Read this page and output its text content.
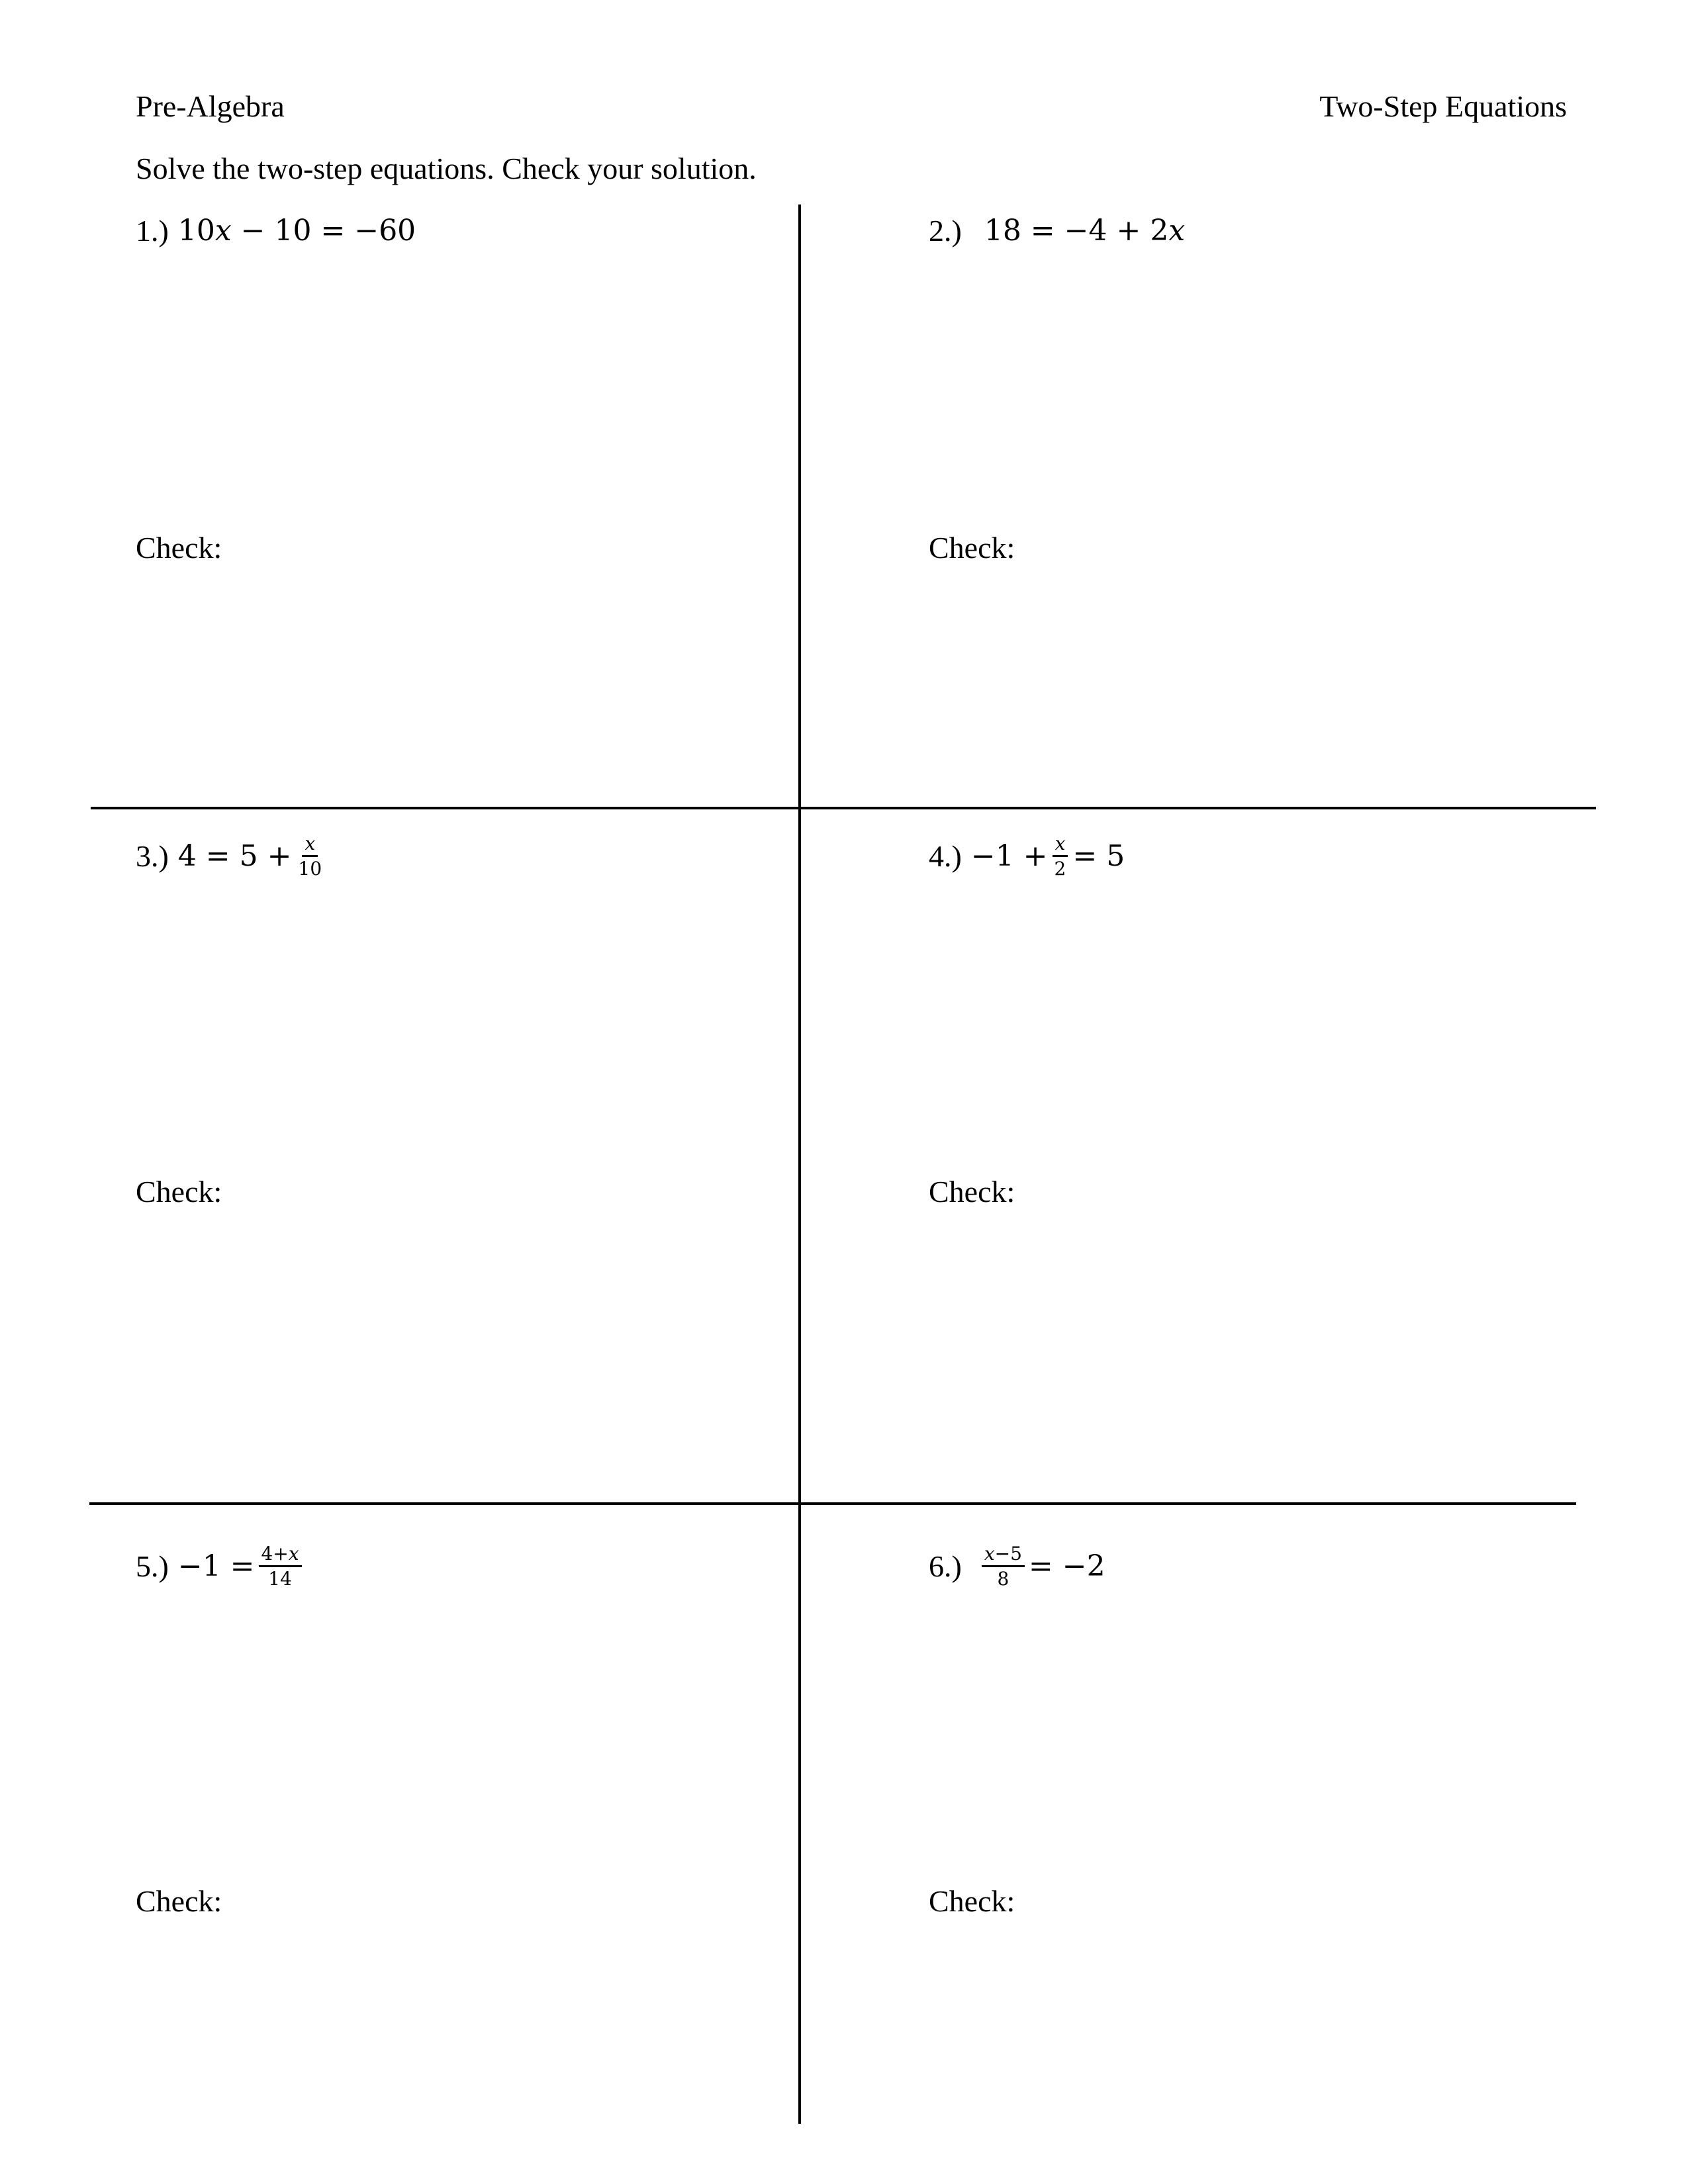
Pre-Algebra	Two-Step Equations
Solve the two-step equations. Check your solution.
1.) 10 x − 10 = −60
Check:
2.) 18 = −4 + 2 x
Check:
3.) $4 = 5 + \frac{x}{10}$
Check:
$4.) -1 + \frac{x}{2} = 5$
Check:
$5.) -1 = \frac{4+x}{14}$
Check:
$6.) \frac{x-5}{8} = -2$
Check:
